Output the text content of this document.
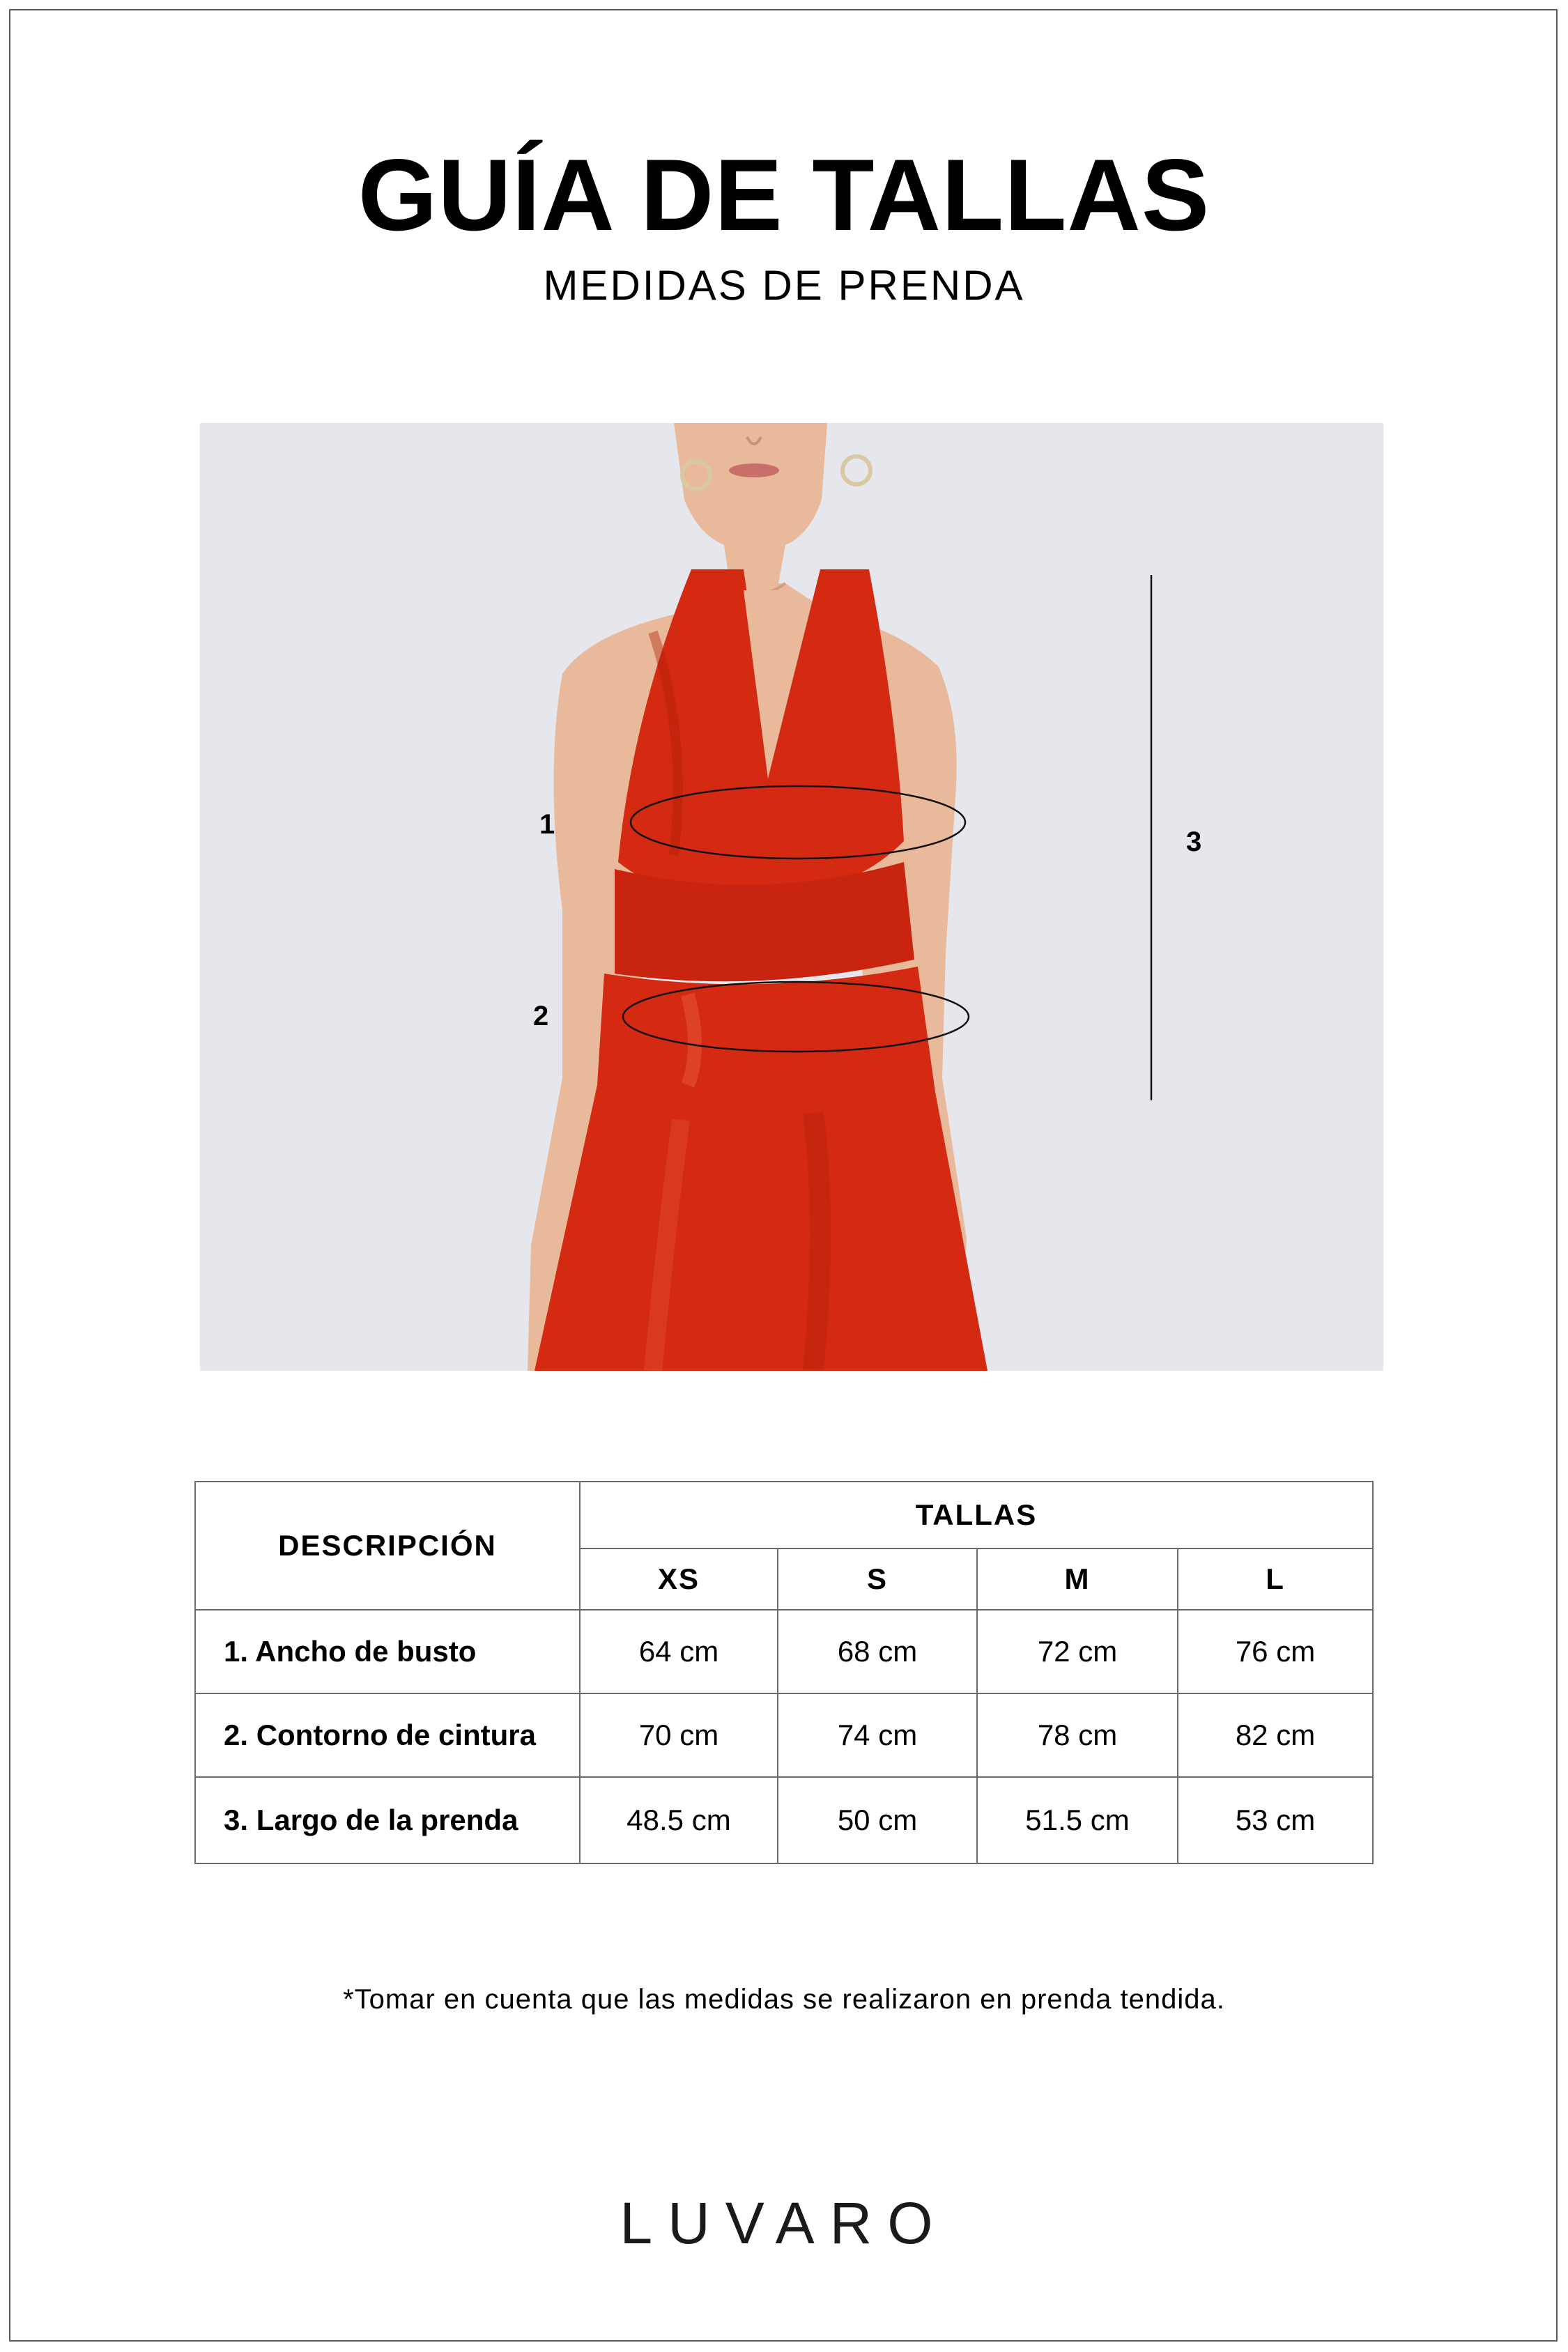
GUÍA DE TALLAS
MEDIDAS DE PRENDA
1
2
3
DESCRIPCIÓN	TALLAS			
	XS	S	M	L
1. Ancho de busto	64 cm	68 cm	72 cm	76 cm
2. Contorno de cintura	70 cm	74 cm	78 cm	82 cm
3. Largo de la prenda	48.5 cm	50 cm	51.5 cm	53 cm
*Tomar en cuenta que las medidas se realizaron en prenda tendida.
LUVARO
